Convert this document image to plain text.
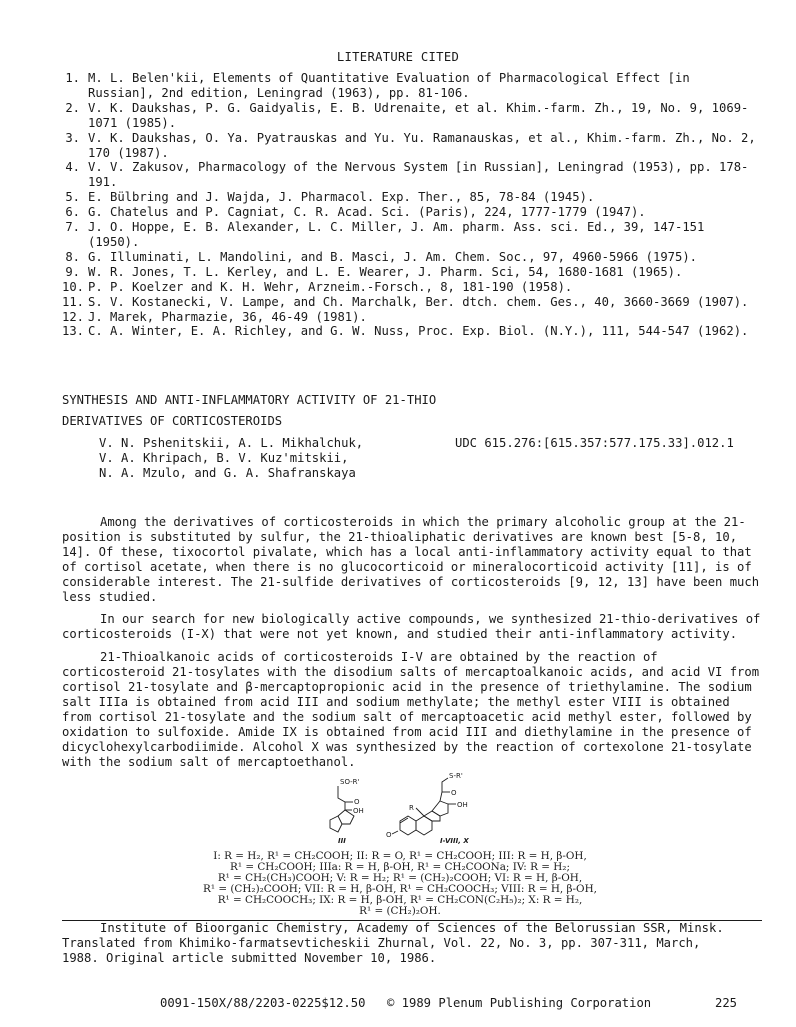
LITERATURE CITED
1. M. L. Belen'kii, Elements of Quantitative Evaluation of Pharmacological Effect [in Russian], 2nd edition, Leningrad (1963), pp. 81-106.
2. V. K. Daukshas, P. G. Gaidyalis, E. B. Udrenaite, et al. Khim.-farm. Zh., 19, No. 9, 1069-1071 (1985).
3. V. K. Daukshas, O. Ya. Pyatrauskas and Yu. Yu. Ramanauskas, et al., Khim.-farm. Zh., No. 2, 170 (1987).
4. V. V. Zakusov, Pharmacology of the Nervous System [in Russian], Leningrad (1953), pp. 178-191.
5. E. Bülbring and J. Wajda, J. Pharmacol. Exp. Ther., 85, 78-84 (1945).
6. G. Chatelus and P. Cagniat, C. R. Acad. Sci. (Paris), 224, 1777-1779 (1947).
7. J. O. Hoppe, E. B. Alexander, L. C. Miller, J. Am. pharm. Ass. sci. Ed., 39, 147-151 (1950).
8. G. Illuminati, L. Mandolini, and B. Masci, J. Am. Chem. Soc., 97, 4960-5966 (1975).
9. W. R. Jones, T. L. Kerley, and L. E. Wearer, J. Pharm. Sci, 54, 1680-1681 (1965).
10. P. P. Koelzer and K. H. Wehr, Arzneim.-Forsch., 8, 181-190 (1958).
11. S. V. Kostanecki, V. Lampe, and Ch. Marchalk, Ber. dtch. chem. Ges., 40, 3660-3669 (1907).
12. J. Marek, Pharmazie, 36, 46-49 (1981).
13. C. A. Winter, E. A. Richley, and G. W. Nuss, Proc. Exp. Biol. (N.Y.), 111, 544-547 (1962).
SYNTHESIS AND ANTI-INFLAMMATORY ACTIVITY OF 21-THIO
DERIVATIVES OF CORTICOSTEROIDS
V. N. Pshenitskii, A. L. Mikhalchuk,
V. A. Khripach, B. V. Kuz'mitskii,
N. A. Mzulo, and G. A. Shafranskaya
UDC 615.276:[615.357:577.175.33].012.1

Among the derivatives of corticosteroids in which the primary alcoholic group at the 21-position is substituted by sulfur, the 21-thioaliphatic derivatives are known best [5-8, 10, 14]. Of these, tixocortol pivalate, which has a local anti-inflammatory activity equal to that of cortisol acetate, when there is no glucocorticoid or mineralocorticoid activity [11], is of considerable interest. The 21-sulfide derivatives of corticosteroids [9, 12, 13] have been much less studied.

In our search for new biologically active compounds, we synthesized 21-thio-derivatives of corticosteroids (I-X) that were not yet known, and studied their anti-inflammatory activity.

21-Thioalkanoic acids of corticosteroids I-V are obtained by the reaction of corticosteroid 21-tosylates with the disodium salts of mercaptoalkanoic acids, and acid VI from cortisol 21-tosylate and β-mercaptopropionic acid in the presence of triethylamine. The sodium salt IIIa is obtained from acid III and sodium methylate; the methyl ester VIII is obtained from cortisol 21-tosylate and the sodium salt of mercaptoacetic acid methyl ester, followed by oxidation to sulfoxide. Amide IX is obtained from acid III and diethylamine in the presence of dicyclohexylcarbodiimide. Alcohol X was synthesized by the reaction of cortexolone 21-tosylate with the sodium salt of mercaptoethanol.

SO-R'
O
OH
III
S-R'
O
OH
R
O
I-VIII, X
I: R = H₂, R¹ = CH₂COOH; II: R = O, R¹ = CH₂COOH; III: R = H, β-OH,
R¹ = CH₂COOH; IIIa: R = H, β-OH, R¹ = CH₂COONa; IV: R = H₂;
R¹ = CH₂(CH₃)COOH; V: R = H₂; R¹ = (CH₂)₂COOH; VI: R = H, β-OH,
R¹ = (CH₂)₂COOH; VII: R = H, β-OH, R¹ = CH₂COOCH₃; VIII: R = H, β-OH,
R¹ = CH₂COOCH₃; IX: R = H, β-OH, R¹ = CH₂CON(C₂H₅)₂; X: R = H₂,
R¹ = (CH₂)₂OH.

Institute of Bioorganic Chemistry, Academy of Sciences of the Belorussian SSR, Minsk.

Translated from Khimiko-farmatsevticheskii Zhurnal, Vol. 22, No. 3, pp. 307-311, March,

1988. Original article submitted November 10, 1986.

0091-150X/88/2203-0225$12.50 © 1989 Plenum Publishing Corporation	225
